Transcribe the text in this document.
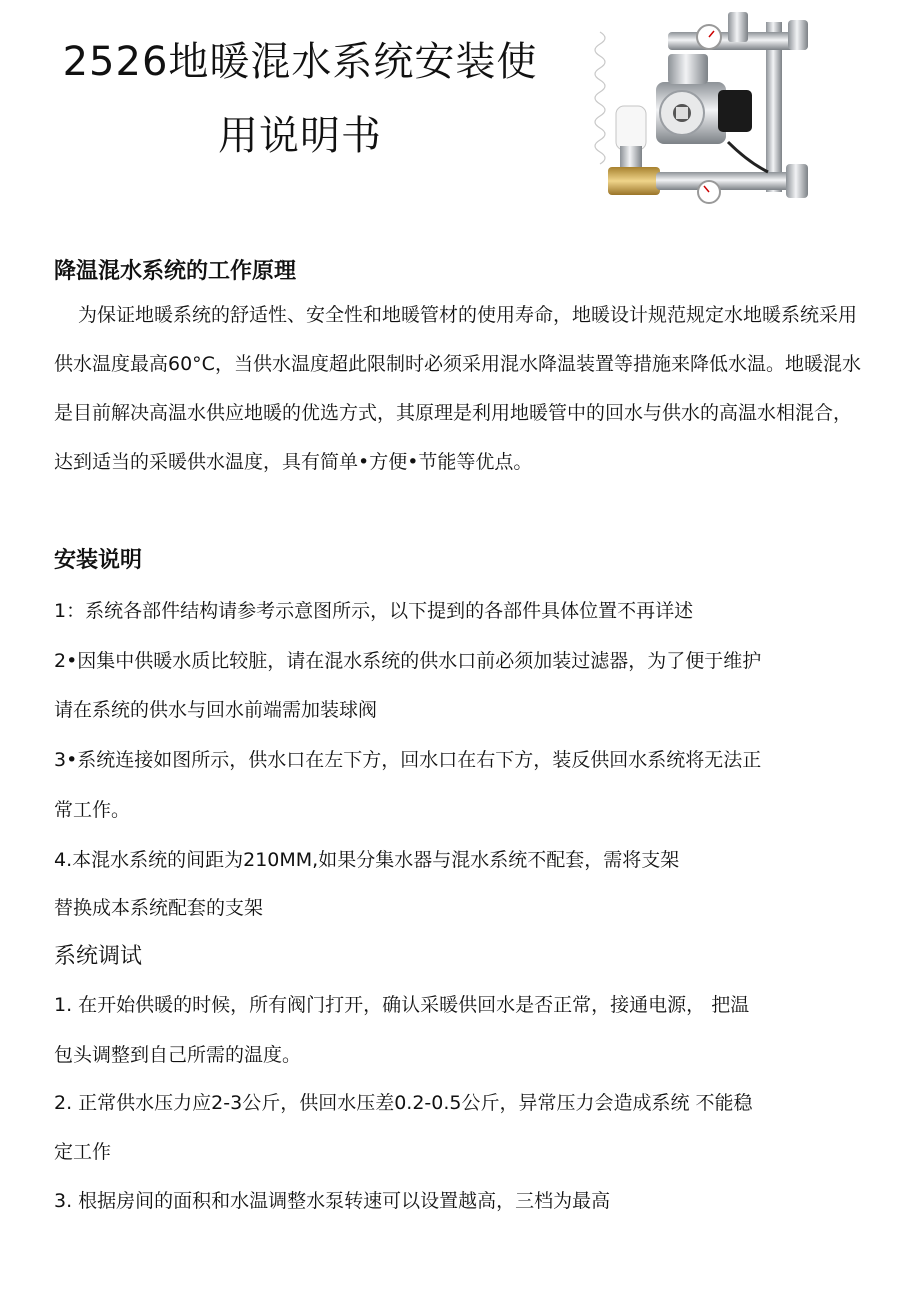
2526地暖混水系统安装使
用说明书
降温混水系统的工作原理
为保证地暖系统的舒适性、安全性和地暖管材的使用寿命，地暖设计规范规定水地暖系统采用供水温度最高60°C，当供水温度超此限制时必须采用混水降温装置等措施来降低水温。地暖混水是目前解决高温水供应地暖的优选方式，其原理是利用地暖管中的回水与供水的高温水相混合，达到适当的采暖供水温度，具有简单•方便•节能等优点。
安装说明
1：系统各部件结构请参考示意图所示，以下提到的各部件具体位置不再详述
2•因集中供暖水质比较脏，请在混水系统的供水口前必须加装过滤器，为了便于维护
请在系统的供水与回水前端需加装球阀
3•系统连接如图所示，供水口在左下方，回水口在右下方，装反供回水系统将无法正
常工作。
4.本混水系统的间距为210MM,如果分集水器与混水系统不配套，需将支架
替换成本系统配套的支架
系统调试
1. 在开始供暖的时候，所有阀门打开，确认采暖供回水是否正常，接通电源， 把温
包头调整到自己所需的温度。
2. 正常供水压力应2-3公斤，供回水压差0.2-0.5公斤，异常压力会造成系统 不能稳
定工作
3. 根据房间的面积和水温调整水泵转速可以设置越高，三档为最高
